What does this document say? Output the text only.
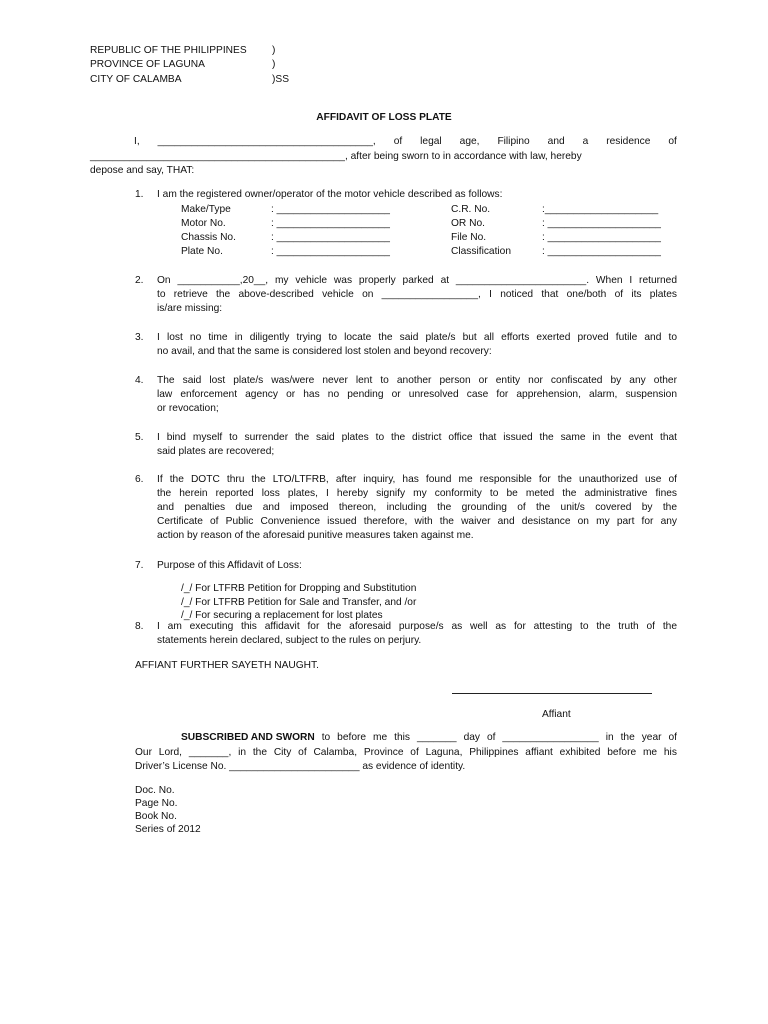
REPUBLIC OF THE PHILIPPINES )
PROVINCE OF LAGUNA	)
CITY OF CALAMBA	)SS
AFFIDAVIT OF LOSS PLATE
I, ______________________________________, of legal age, Filipino and a residence of
_____________________________________________, after being sworn to in accordance with law, hereby
depose and say, THAT:
1. I am the registered owner/operator of the motor vehicle described as follows:
Make/Type	: ____________________	C.R. No.	:____________________
Motor No.	: ____________________	OR No.	: ____________________
Chassis No.	: ____________________	File No.	: ____________________
Plate No.	: ____________________	Classification	: ____________________
2. On ___________,20__, my vehicle was properly parked at _______________________. When I returned
to retrieve the above-described vehicle on _________________, I noticed that one/both of its plates
is/are missing:
3. I lost no time in diligently trying to locate the said plate/s but all efforts exerted proved futile and to
no avail, and that the same is considered lost stolen and beyond recovery:
4. The said lost plate/s was/were never lent to another person or entity nor confiscated by any other
law enforcement agency or has no pending or unresolved case for apprehension, alarm, suspension
or revocation;
5. I bind myself to surrender the said plates to the district office that issued the same in the event that
said plates are recovered;
6. If the DOTC thru the LTO/LTFRB, after inquiry, has found me responsible for the unauthorized use of
the herein reported loss plates, I hereby signify my conformity to be meted the administrative fines
and penalties due and imposed thereon, including the grounding of the unit/s covered by the
Certificate of Public Convenience issued therefore, with the waiver and desistance on my part for any
action by reason of the aforesaid punitive measures taken against me.
7. Purpose of this Affidavit of Loss:
/_/ For LTFRB Petition for Dropping and Substitution
/_/ For LTFRB Petition for Sale and Transfer, and /or
/_/ For securing a replacement for lost plates
8. I am executing this affidavit for the aforesaid purpose/s as well as for attesting to the truth of the
statements herein declared, subject to the rules on perjury.
AFFIANT FURTHER SAYETH NAUGHT.
Affiant
SUBSCRIBED AND SWORN to before me this _______ day of _________________ in the year of
Our Lord, _______, in the City of Calamba, Province of Laguna, Philippines affiant exhibited before me his
Driver’s License No. _______________________ as evidence of identity.
Doc. No.
Page No.
Book No.
Series of 2012
